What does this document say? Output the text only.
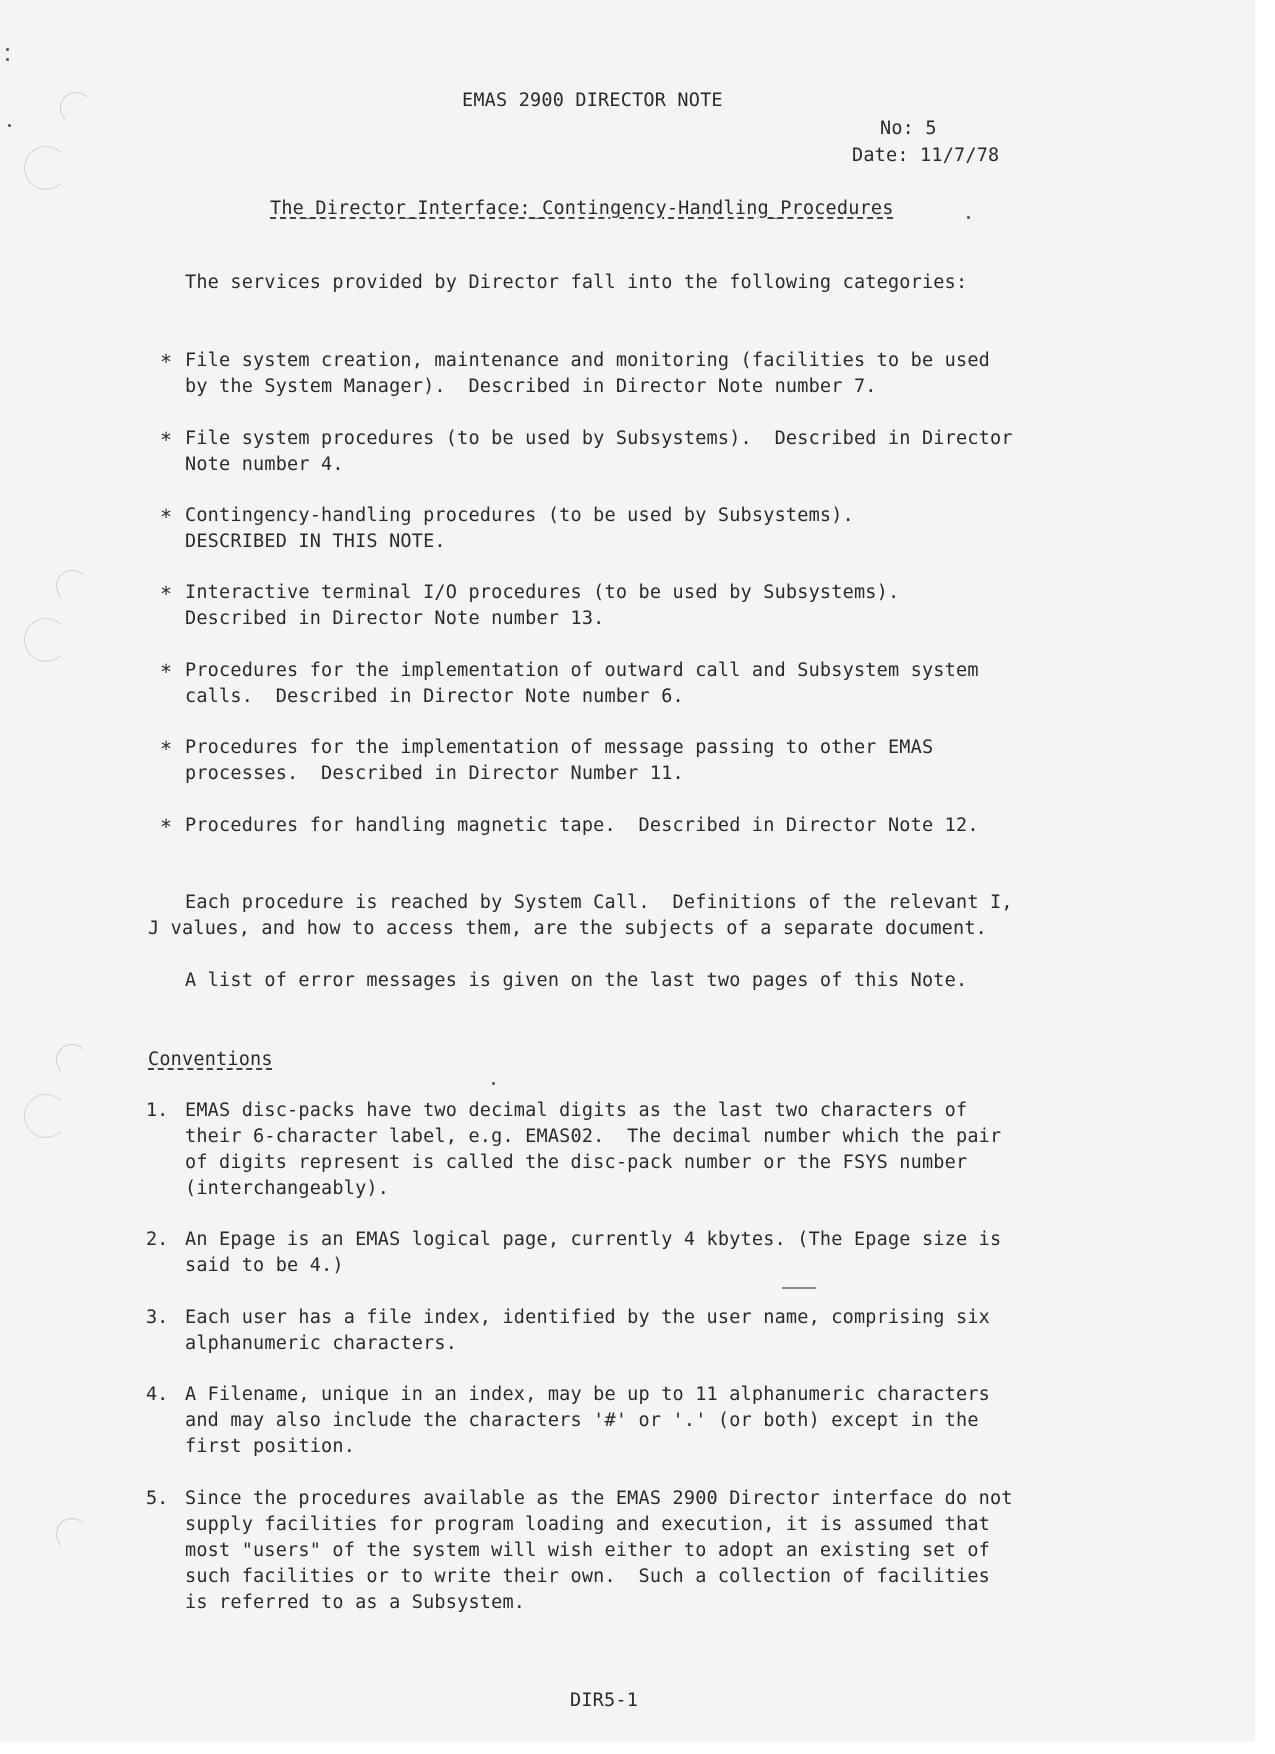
EMAS 2900 DIRECTOR NOTE
No: 5
Date: 11/7/78
The_Director_Interface:_Contingency-Handling_Procedures
The services provided by Director fall into the following categories:
* File system creation, maintenance and monitoring (facilities to be used
by the System Manager).  Described in Director Note number 7.
* File system procedures (to be used by Subsystems).  Described in Director
Note number 4.
* Contingency-handling procedures (to be used by Subsystems).
DESCRIBED IN THIS NOTE.
* Interactive terminal I/O procedures (to be used by Subsystems).
Described in Director Note number 13.
* Procedures for the implementation of outward call and Subsystem system
calls.  Described in Director Note number 6.
* Procedures for the implementation of message passing to other EMAS
processes.  Described in Director Number 11.
* Procedures for handling magnetic tape.  Described in Director Note 12.
Each procedure is reached by System Call.  Definitions of the relevant I,
J values, and how to access them, are the subjects of a separate document.
A list of error messages is given on the last two pages of this Note.
Conventions
1. EMAS disc-packs have two decimal digits as the last two characters of
their 6-character label, e.g. EMAS02.  The decimal number which the pair
of digits represent is called the disc-pack number or the FSYS number
(interchangeably).
2. An Epage is an EMAS logical page, currently 4 kbytes. (The Epage size is
said to be 4.)
3. Each user has a file index, identified by the user name, comprising six
alphanumeric characters.
4. A Filename, unique in an index, may be up to 11 alphanumeric characters
and may also include the characters '#' or '.' (or both) except in the
first position.
5. Since the procedures available as the EMAS 2900 Director interface do not
supply facilities for program loading and execution, it is assumed that
most "users" of the system will wish either to adopt an existing set of
such facilities or to write their own.  Such a collection of facilities
is referred to as a Subsystem.
DIR5-1
